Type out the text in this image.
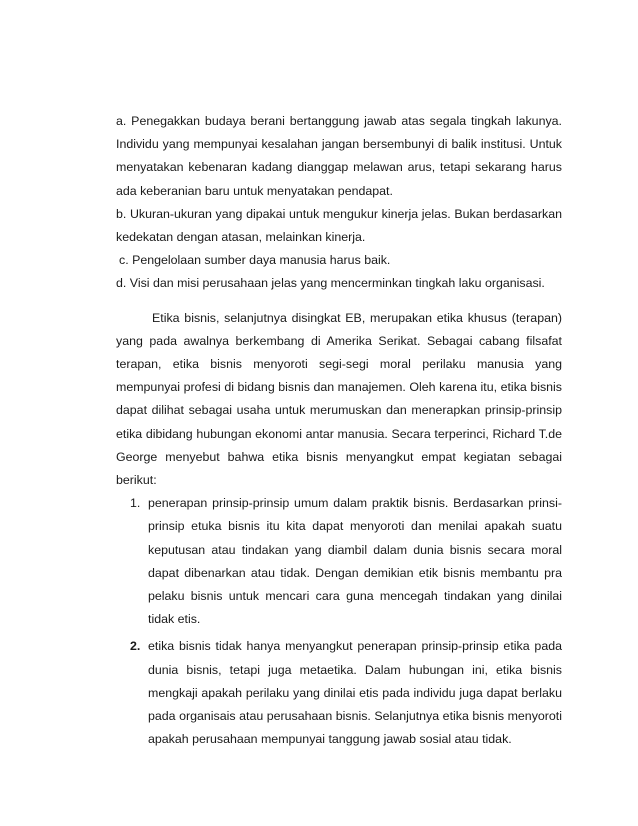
a. Penegakkan budaya berani bertanggung jawab atas segala tingkah lakunya. Individu yang mempunyai kesalahan jangan bersembunyi di balik institusi. Untuk menyatakan kebenaran kadang dianggap melawan arus, tetapi sekarang harus ada keberanian baru untuk menyatakan pendapat.

b. Ukuran-ukuran yang dipakai untuk mengukur kinerja jelas. Bukan berdasarkan kedekatan dengan atasan, melainkan kinerja.

c. Pengelolaan sumber daya manusia harus baik.

d. Visi dan misi perusahaan jelas yang mencerminkan tingkah laku organisasi.

Etika bisnis, selanjutnya disingkat EB, merupakan etika khusus (terapan) yang pada awalnya berkembang di Amerika Serikat. Sebagai cabang filsafat terapan, etika bisnis menyoroti segi-segi moral perilaku manusia yang mempunyai profesi di bidang bisnis dan manajemen. Oleh karena itu, etika bisnis dapat dilihat sebagai usaha untuk merumuskan dan menerapkan prinsip-prinsip etika dibidang hubungan ekonomi antar manusia. Secara terperinci, Richard T.de George menyebut bahwa etika bisnis menyangkut empat kegiatan sebagai berikut:

1. penerapan prinsip-prinsip umum dalam praktik bisnis. Berdasarkan prinsi-prinsip etuka bisnis itu kita dapat menyoroti dan menilai apakah suatu keputusan atau tindakan yang diambil dalam dunia bisnis secara moral dapat dibenarkan atau tidak. Dengan demikian etik bisnis membantu pra pelaku bisnis untuk mencari cara guna mencegah tindakan yang dinilai tidak etis.
2. etika bisnis tidak hanya menyangkut penerapan prinsip-prinsip etika pada dunia bisnis, tetapi juga metaetika. Dalam hubungan ini, etika bisnis mengkaji apakah perilaku yang dinilai etis pada individu juga dapat berlaku pada organisais atau perusahaan bisnis. Selanjutnya etika bisnis menyoroti apakah perusahaan mempunyai tanggung jawab sosial atau tidak.
